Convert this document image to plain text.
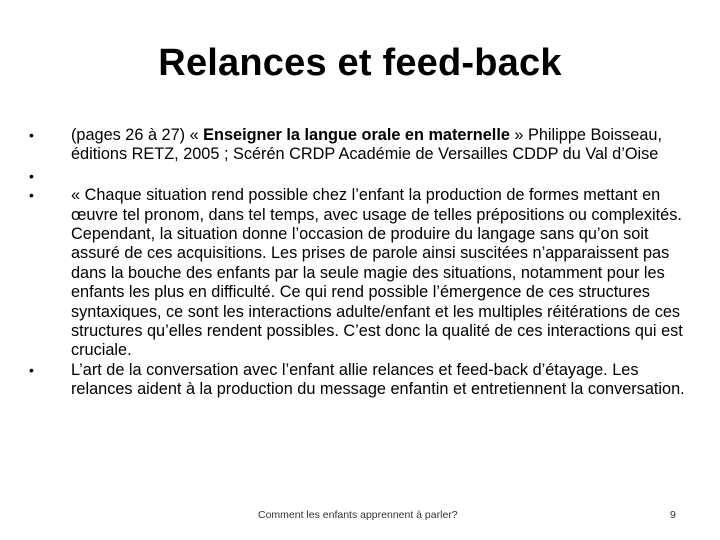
Relances et feed-back
•	(pages 26 à 27) « Enseigner la langue orale en maternelle » Philippe Boisseau, éditions RETZ, 2005 ; Scérén CRDP Académie de Versailles CDDP du Val d’Oise
•
•	« Chaque situation rend possible chez l’enfant la production de formes mettant en œuvre tel pronom, dans tel temps, avec usage de telles prépositions ou complexités. Cependant, la situation donne l’occasion de produire du langage sans qu’on soit assuré de ces acquisitions. Les prises de parole ainsi suscitées n’apparaissent pas dans la bouche des enfants par la seule magie des situations, notamment pour les enfants les plus en difficulté. Ce qui rend possible l’émergence de ces structures syntaxiques, ce sont les interactions adulte/enfant et les multiples réitérations de ces structures qu’elles rendent possibles. C’est donc la qualité de ces interactions qui est cruciale.
•	L’art de la conversation avec l’enfant allie relances et feed-back d’étayage. Les relances aident à la production du message enfantin et entretiennent la conversation.
Comment les enfants apprennent à parler?	9
